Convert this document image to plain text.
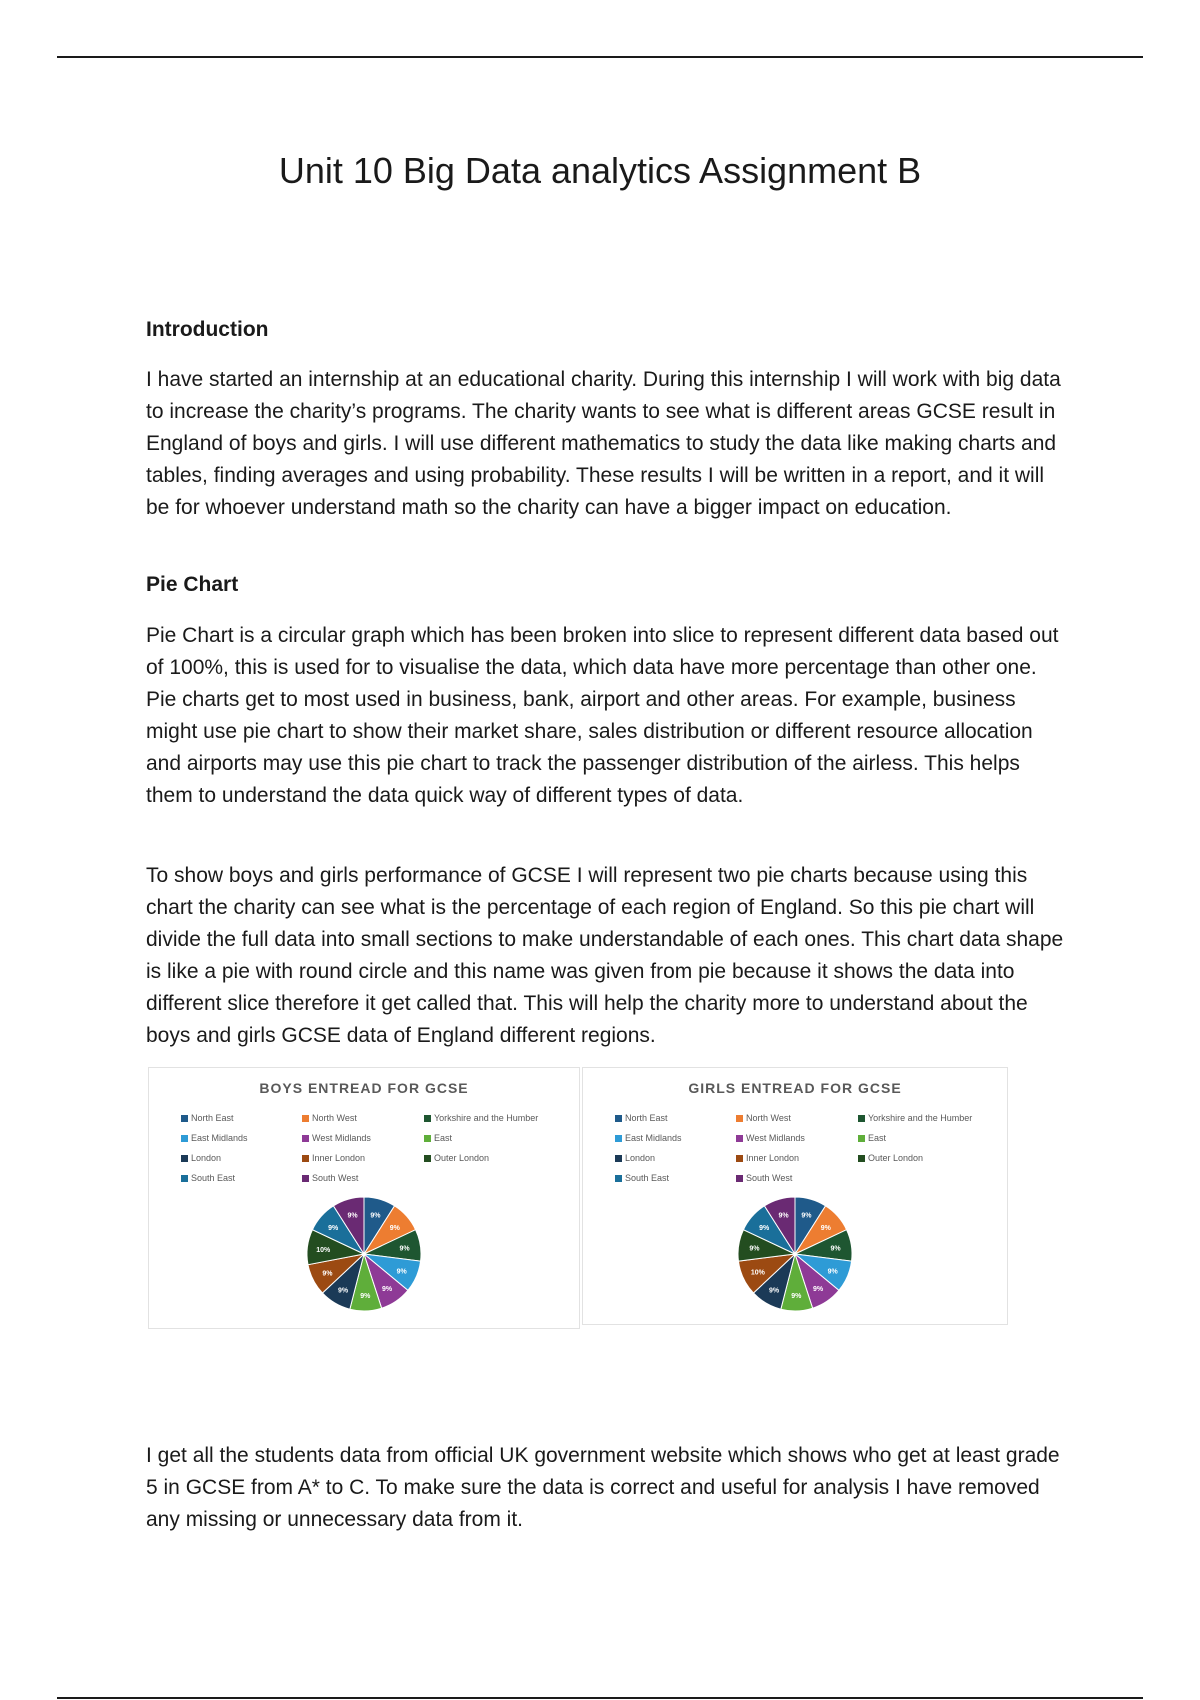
Unit 10 Big Data analytics Assignment B
Introduction

I have started an internship at an educational charity. During this internship I will work with big data to increase the charity’s programs. The charity wants to see what is different areas GCSE result in England of boys and girls. I will use different mathematics to study the data like making charts and tables, finding averages and using probability. These results I will be written in a report, and it will be for whoever understand math so the charity can have a bigger impact on education.

Pie Chart

Pie Chart is a circular graph which has been broken into slice to represent different data based out of 100%, this is used for to visualise the data, which data have more percentage than other one. Pie charts get to most used in business, bank, airport and other areas. For example, business might use pie chart to show their market share, sales distribution or different resource allocation and airports may use this pie chart to track the passenger distribution of the airless. This helps them to understand the data quick way of different types of data.

To show boys and girls performance of GCSE I will represent two pie charts because using this chart the charity can see what is the percentage of each region of England. So this pie chart will divide the full data into small sections to make understandable of each ones. This chart data shape is like a pie with round circle and this name was given from pie because it shows the data into different slice therefore it get called that. This will help the charity more to understand about the boys and girls GCSE data of England different regions.

BOYS ENTREAD FOR GCSE
North East	North West	Yorkshire and the Humber
East Midlands	West Midlands	East
London	Inner London	Outer London
South East	South West
9%
9%
9%
9%
9%
9%
9%
9%
10%
9%
9%
GIRLS ENTREAD FOR GCSE
North East	North West	Yorkshire and the Humber
East Midlands	West Midlands	East
London	Inner London	Outer London
South East	South West
9%
9%
9%
9%
9%
9%
9%
10%
9%
9%
9%

I get all the students data from official UK government website which shows who get at least grade 5 in GCSE from A* to C. To make sure the data is correct and useful for analysis I have removed any missing or unnecessary data from it.
